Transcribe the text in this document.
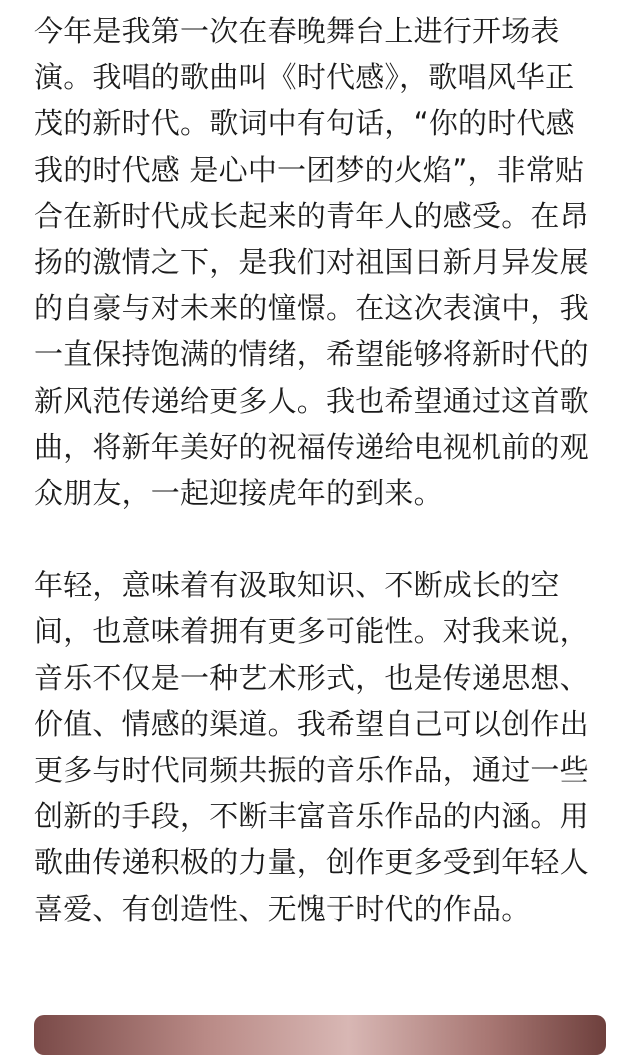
今年是我第一次在春晚舞台上进行开场表
演。我唱的歌曲叫《时代感》，歌唱风华正
茂的新时代。歌词中有句话，“你的时代感
我的时代感 是心中一团梦的火焰”，非常贴
合在新时代成长起来的青年人的感受。在昂
扬的激情之下，是我们对祖国日新月异发展
的自豪与对未来的憧憬。在这次表演中，我
一直保持饱满的情绪，希望能够将新时代的
新风范传递给更多人。我也希望通过这首歌
曲，将新年美好的祝福传递给电视机前的观
众朋友，一起迎接虎年的到来。

年轻，意味着有汲取知识、不断成长的空
间，也意味着拥有更多可能性。对我来说，
音乐不仅是一种艺术形式，也是传递思想、
价值、情感的渠道。我希望自己可以创作出
更多与时代同频共振的音乐作品，通过一些
创新的手段，不断丰富音乐作品的内涵。用
歌曲传递积极的力量，创作更多受到年轻人
喜爱、有创造性、无愧于时代的作品。
